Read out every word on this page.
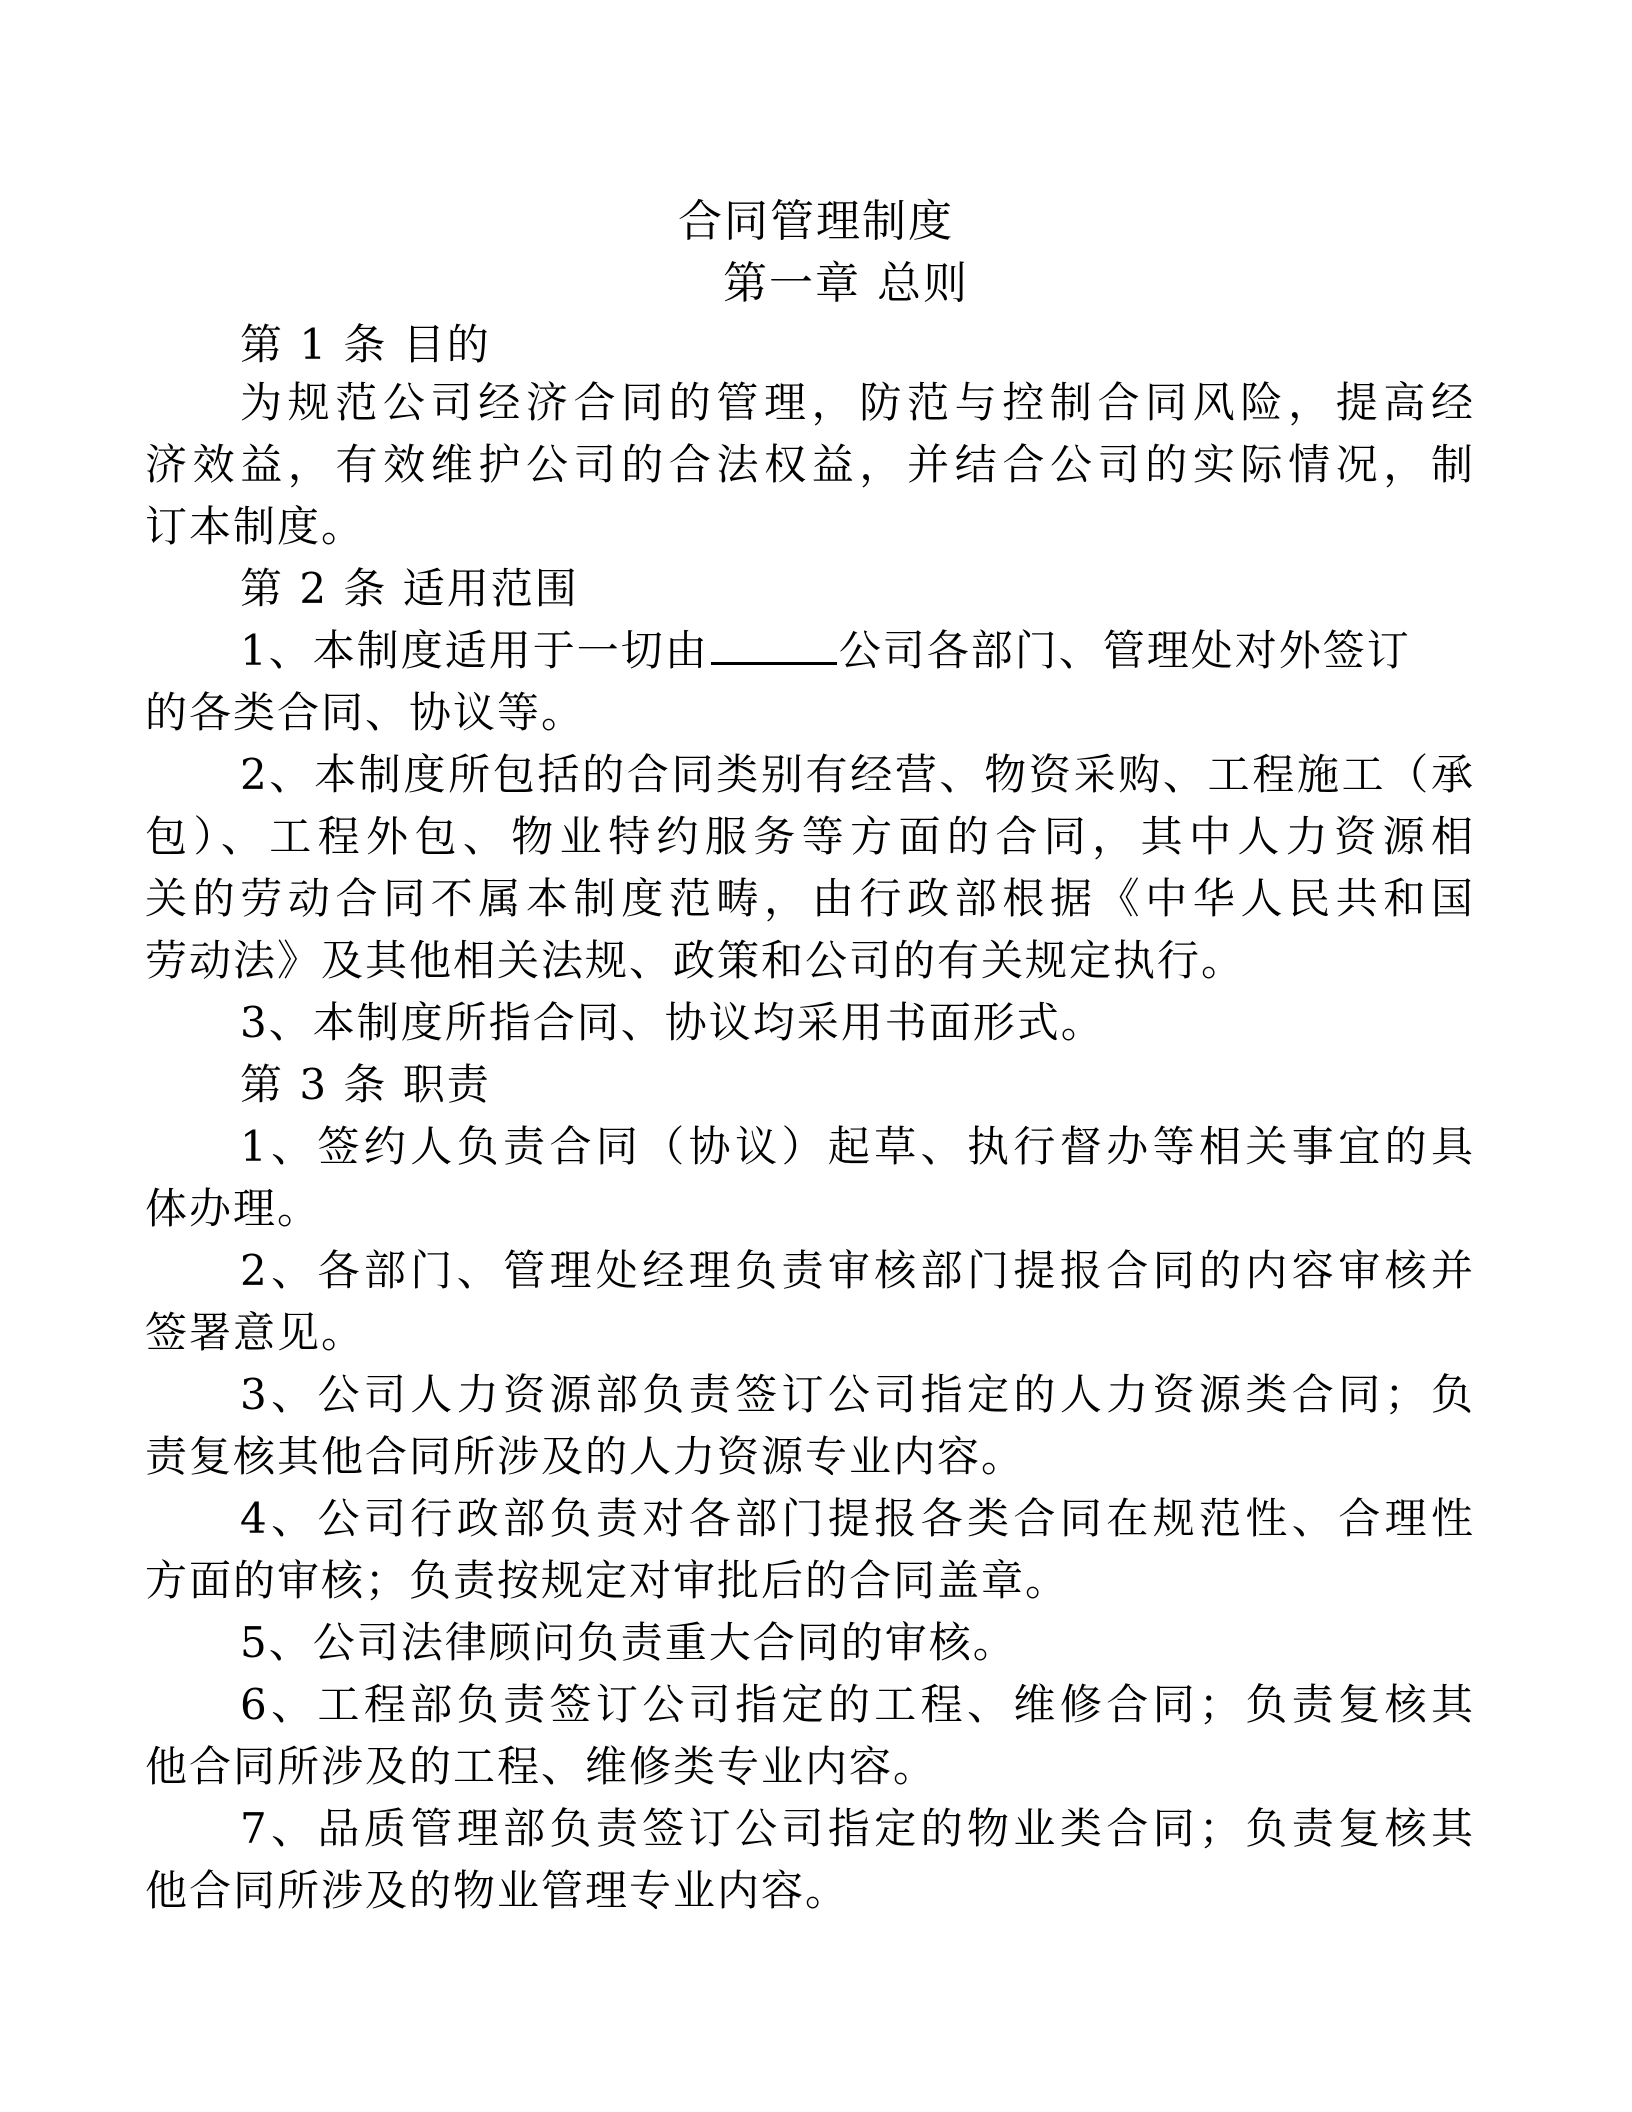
合同管理制度
第一章 总则
第 1 条 目的
为规范公司经济合同的管理，防范与控制合同风险，提高经
济效益，有效维护公司的合法权益，并结合公司的实际情况，制
订本制度。
第 2 条 适用范围
1、本制度适用于一切由	公司各部门、管理处对外签订
的各类合同、协议等。
2、本制度所包括的合同类别有经营、物资采购、工程施工（承
包）、工程外包、物业特约服务等方面的合同，其中人力资源相
关的劳动合同不属本制度范畴，由行政部根据《中华人民共和国
劳动法》及其他相关法规、政策和公司的有关规定执行。
3、本制度所指合同、协议均采用书面形式。
第 3 条 职责
1、签约人负责合同（协议）起草、执行督办等相关事宜的具
体办理。
2、各部门、管理处经理负责审核部门提报合同的内容审核并
签署意见。
3、公司人力资源部负责签订公司指定的人力资源类合同；负
责复核其他合同所涉及的人力资源专业内容。
4、公司行政部负责对各部门提报各类合同在规范性、合理性
方面的审核；负责按规定对审批后的合同盖章。
5、公司法律顾问负责重大合同的审核。
6、工程部负责签订公司指定的工程、维修合同；负责复核其
他合同所涉及的工程、维修类专业内容。
7、品质管理部负责签订公司指定的物业类合同；负责复核其
他合同所涉及的物业管理专业内容。
